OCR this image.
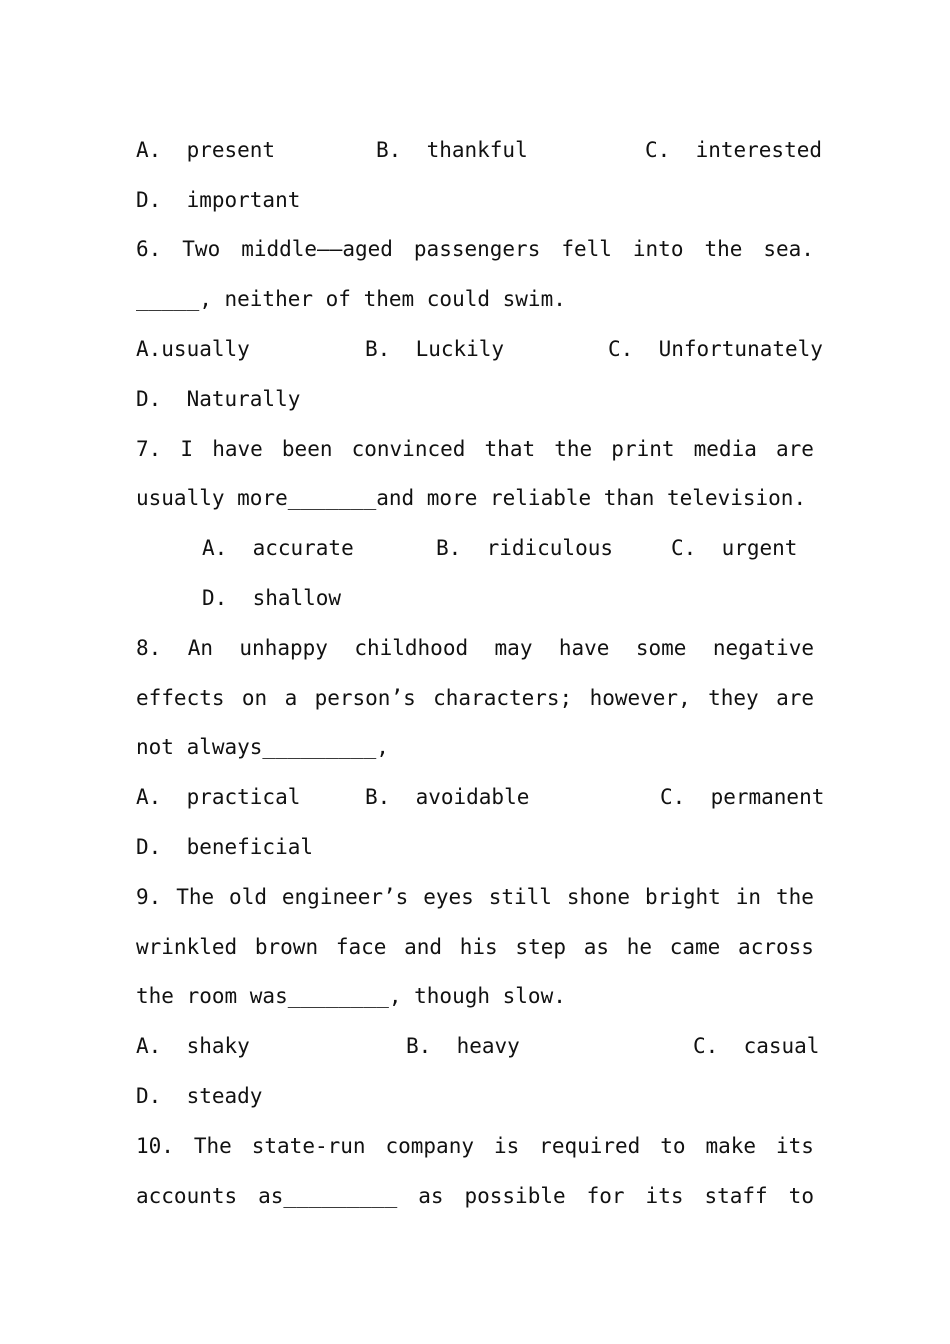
A.  present

	B.  thankful

	C.  interested

D.  important
6. Two middle——aged passengers fell into the sea.
_____, neither of them could swim.

A.usually

	B.  Luckily

	C.  Unfortunately

D.  Naturally
7. I have been convinced that the print media are
usually more_______and more reliable than television.

A.  accurate

	B.  ridiculous

	C.  urgent

D.  shallow

8. An unhappy childhood may have some negative
effects on a person’s characters; however, they are
not always_________,

A.  practical

	B.  avoidable

	C.  permanent

D.  beneficial
9. The old engineer’s eyes still shone bright in the
wrinkled brown face and his step as he came across
the room was________, though slow.

A.  shaky

	B.  heavy

	C.  casual

D.  steady
10. The state-run company is required to make its
accounts as_________ as possible for its staff to
